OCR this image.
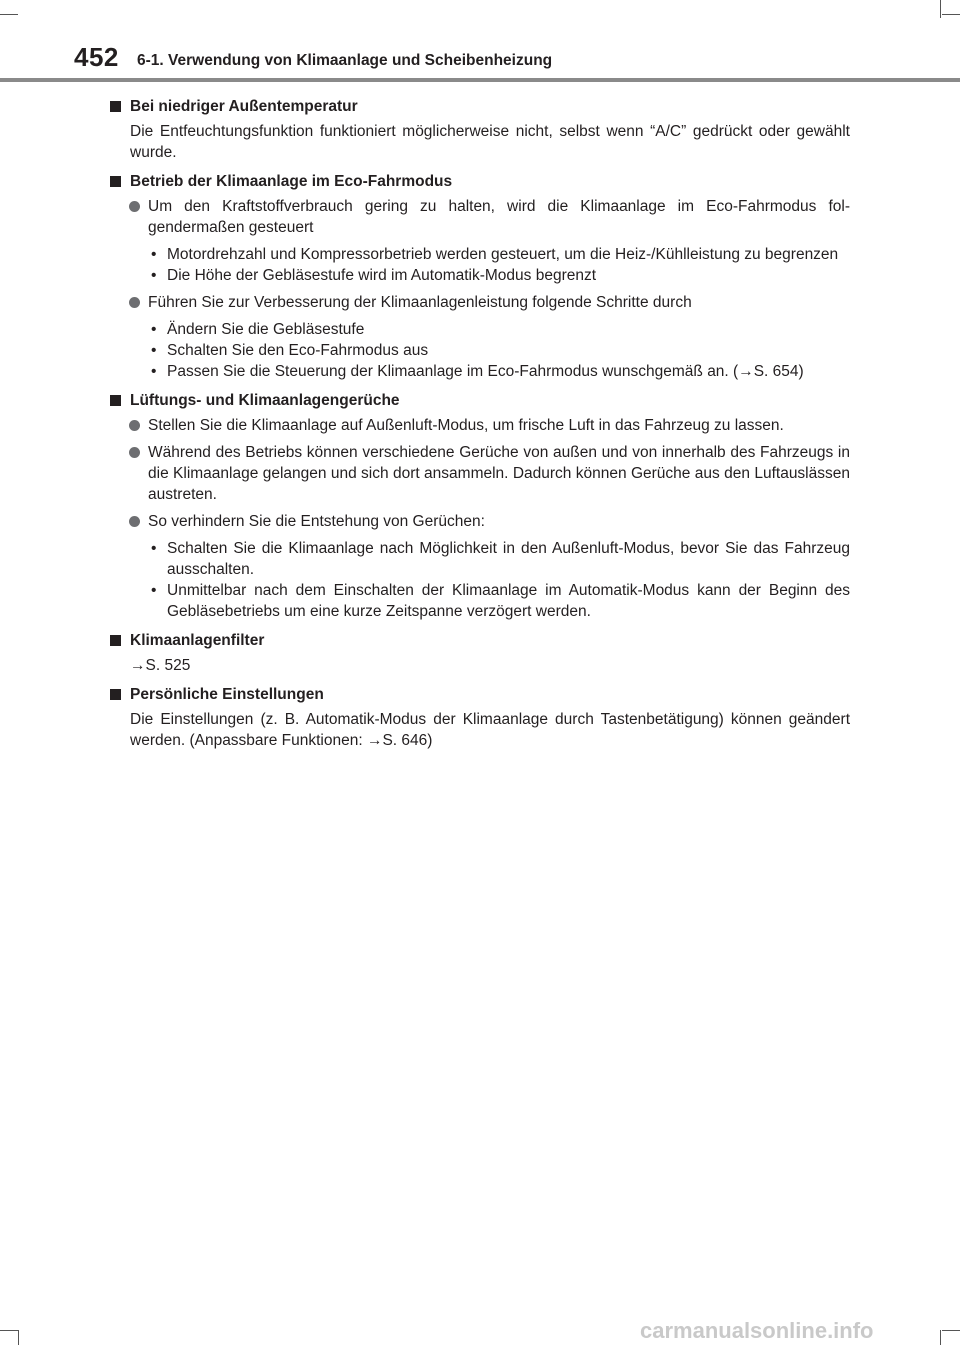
452 6-1. Verwendung von Klimaanlage und Scheibenheizung
Bei niedriger Außentemperatur
Die Entfeuchtungsfunktion funktioniert möglicherweise nicht, selbst wenn “A/C” gedrückt oder gewählt wurde.
Betrieb der Klimaanlage im Eco-Fahrmodus
Um den Kraftstoffverbrauch gering zu halten, wird die Klimaanlage im Eco-Fahrmodus folgendermaßen gesteuert
• Motordrehzahl und Kompressorbetrieb werden gesteuert, um die Heiz-/Kühlleistung zu begrenzen
• Die Höhe der Gebläsestufe wird im Automatik-Modus begrenzt
Führen Sie zur Verbesserung der Klimaanlagenleistung folgende Schritte durch
• Ändern Sie die Gebläsestufe
• Schalten Sie den Eco-Fahrmodus aus
• Passen Sie die Steuerung der Klimaanlage im Eco-Fahrmodus wunschgemäß an. (→S. 654)
Lüftungs- und Klimaanlagengerüche
Stellen Sie die Klimaanlage auf Außenluft-Modus, um frische Luft in das Fahrzeug zu lassen.
Während des Betriebs können verschiedene Gerüche von außen und von innerhalb des Fahrzeugs in die Klimaanlage gelangen und sich dort ansammeln. Dadurch können Gerüche aus den Luftauslässen austreten.
So verhindern Sie die Entstehung von Gerüchen:
• Schalten Sie die Klimaanlage nach Möglichkeit in den Außenluft-Modus, bevor Sie das Fahrzeug ausschalten.
• Unmittelbar nach dem Einschalten der Klimaanlage im Automatik-Modus kann der Beginn des Gebläsebetriebs um eine kurze Zeitspanne verzögert werden.
Klimaanlagenfilter
→S. 525
Persönliche Einstellungen
Die Einstellungen (z. B. Automatik-Modus der Klimaanlage durch Tastenbetätigung) können geändert werden. (Anpassbare Funktionen: →S. 646)
carmanualsonline.info
